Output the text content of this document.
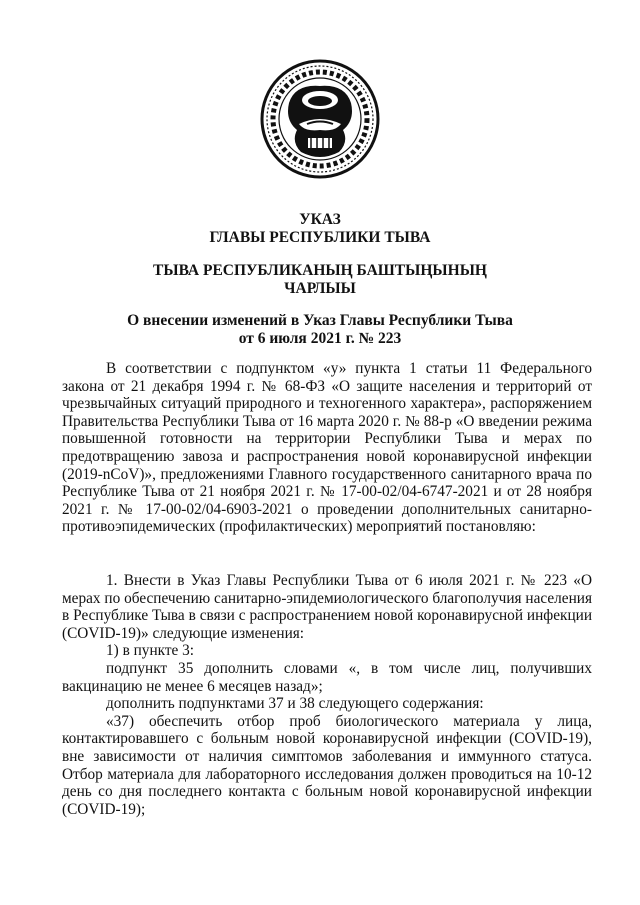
УКАЗ
ГЛАВЫ РЕСПУБЛИКИ ТЫВА
ТЫВА РЕСПУБЛИКАНЫҢ БАШТЫҢЫНЫҢ
ЧАРЛЫЫ
О внесении изменений в Указ Главы Республики Тыва
от 6 июля 2021 г. № 223

В соответствии с подпунктом «у» пункта 1 статьи 11 Федерального закона от 21 декабря 1994 г. № 68-ФЗ «О защите населения и территорий от чрезвычайных ситуаций природного и техногенного характера», распоряжением Правительства Республики Тыва от 16 марта 2020 г. № 88-р «О введении режима повышенной готовности на территории Республики Тыва и мерах по предотвращению завоза и распространения новой коронавирусной инфекции (2019-nCoV)», предложениями Главного государственного санитарного врача по Республике Тыва от 21 ноября 2021 г. № 17-00-02/04-6747-2021 и от 28 ноября 2021 г. № 17-00-02/04-6903-2021 о проведении дополнительных санитарно-противоэпидемических (профилактических) мероприятий постановляю:

1. Внести в Указ Главы Республики Тыва от 6 июля 2021 г. № 223 «О мерах по обеспечению санитарно-эпидемиологического благополучия населения в Республике Тыва в связи с распространением новой коронавирусной инфекции (COVID-19)» следующие изменения:

1) в пункте 3:

подпункт 35 дополнить словами «, в том числе лиц, получивших вакцинацию не менее 6 месяцев назад»;

дополнить подпунктами 37 и 38 следующего содержания:

«37) обеспечить отбор проб биологического материала у лица, контактировавшего с больным новой коронавирусной инфекции (COVID-19), вне зависимости от наличия симптомов заболевания и иммунного статуса. Отбор материала для лабораторного исследования должен проводиться на 10-12 день со дня последнего контакта с больным новой коронавирусной инфекции (COVID-19);
